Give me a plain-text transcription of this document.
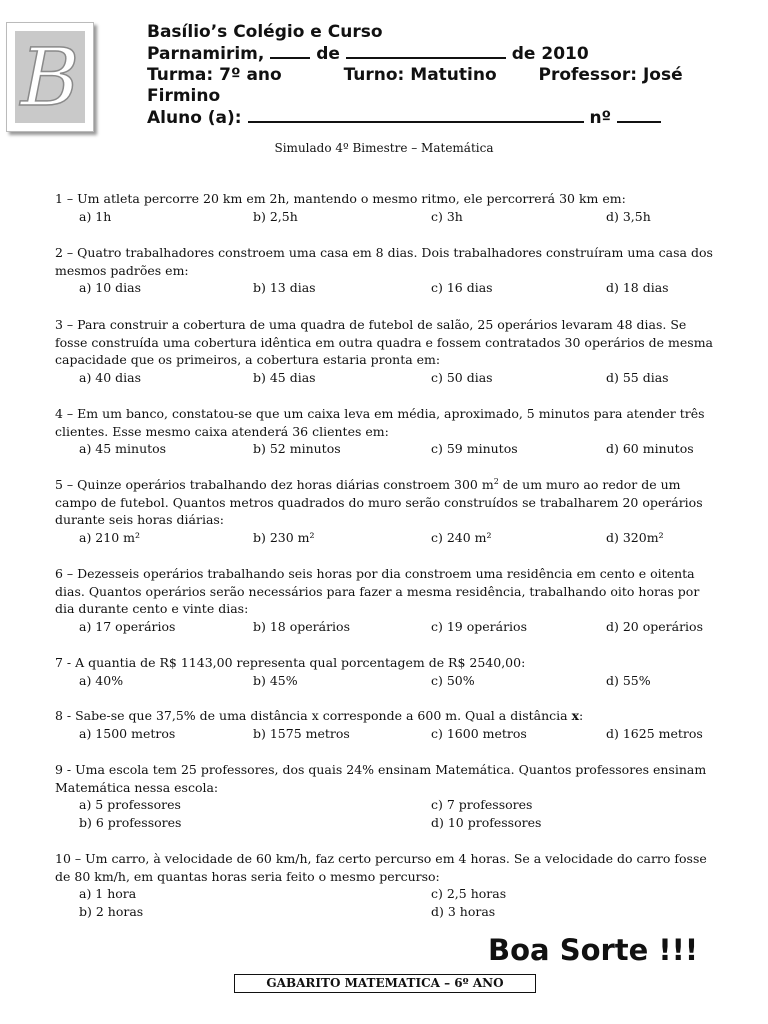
B	Basílio’s Colégio e Curso
Parnamirim,	de	de 2010
Turma: 7º ano	Turno: Matutino Professor: José
Firmino
Aluno (a):	nº
Simulado 4º Bimestre – Matemática

1 – Um atleta percorre 20 km em 2h, mantendo o mesmo ritmo, ele percorrerá 30 km em:

a) 1h	b) 2,5h	c) 3h	d) 3,5h

2 – Quatro trabalhadores constroem uma casa em 8 dias. Dois trabalhadores construíram uma casa dos mesmos padrões em:

a) 10 dias	b) 13 dias	c) 16 dias	d) 18 dias

3 – Para construir a cobertura de uma quadra de futebol de salão, 25 operários levaram 48 dias. Se fosse construída uma cobertura idêntica em outra quadra e fossem contratados 30 operários de mesma capacidade que os primeiros, a cobertura estaria pronta em:

a) 40 dias	b) 45 dias	c) 50 dias	d) 55 dias

4 – Em um banco, constatou-se que um caixa leva em média, aproximado, 5 minutos para atender três clientes. Esse mesmo caixa atenderá 36 clientes em:

a) 45 minutos	b) 52 minutos	c) 59 minutos	d) 60 minutos

5 – Quinze operários trabalhando dez horas diárias constroem 300 $m^2$ de um muro ao redor de um campo de futebol. Quantos metros quadrados do muro serão construídos se trabalharem 20 operários durante seis horas diárias:

a) 210 m²	b) 230 m²	c) 240 m²	d) 320m²

6 – Dezesseis operários trabalhando seis horas por dia constroem uma residência em cento e oitenta dias. Quantos operários serão necessários para fazer a mesma residência, trabalhando oito horas por dia durante cento e vinte dias:

a) 17 operários	b) 18 operários	c) 19 operários	d) 20 operários

7 - A quantia de R$ 1143,00 representa qual porcentagem de R$ 2540,00:

a) 40%	b) 45%	c) 50%	d) 55%

8 - Sabe-se que 37,5% de uma distância x corresponde a 600 m. Qual a distância x:

a) 1500 metros	b) 1575 metros	c) 1600 metros	d) 1625 metros

9 - Uma escola tem 25 professores, dos quais 24% ensinam Matemática. Quantos professores ensinam Matemática nessa escola:

a) 5 professores	c) 7 professores
b) 6 professores	d) 10 professores

10 – Um carro, à velocidade de 60 km/h, faz certo percurso em 4 horas. Se a velocidade do carro fosse de 80 km/h, em quantas horas seria feito o mesmo percurso:

a) 1 hora	c) 2,5 horas
b) 2 horas	d) 3 horas
Boa Sorte !!!
GABARITO MATEMATICA – 6º ANO
